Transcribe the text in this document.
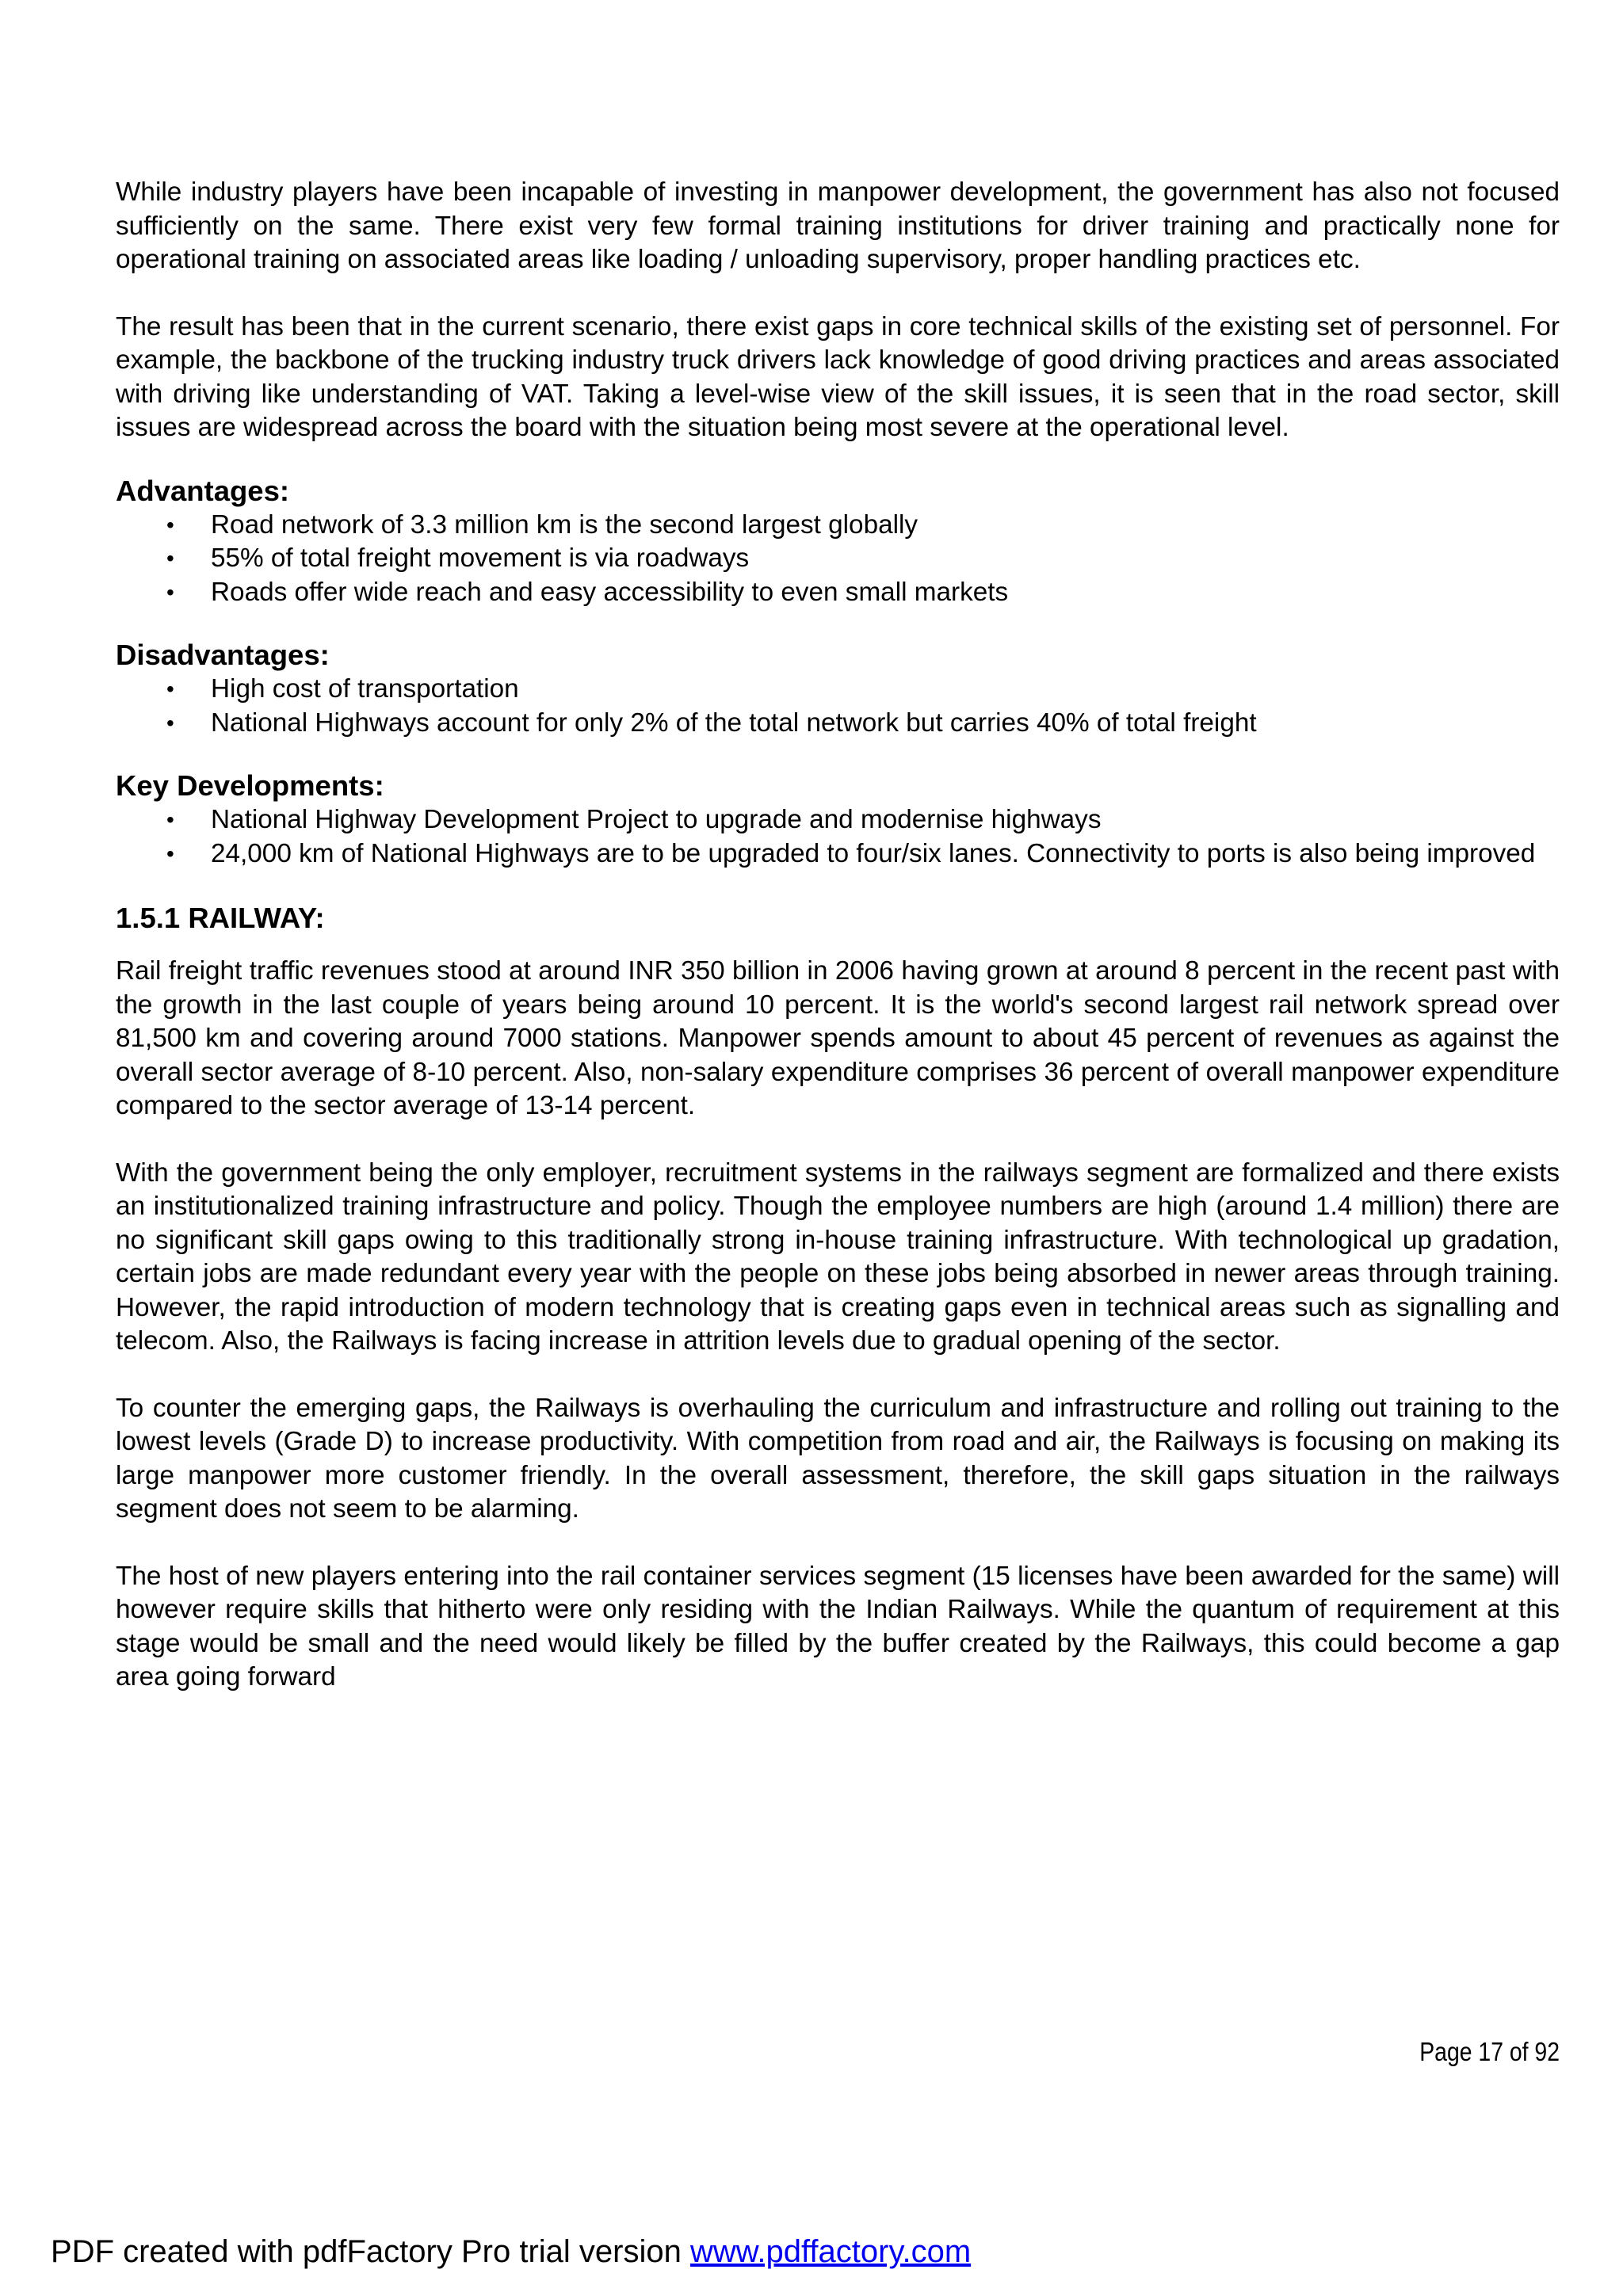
While industry players have been incapable of investing in manpower development, the government has also not focused sufficiently on the same. There exist very few formal training institutions for driver training and practically none for operational training on associated areas like loading / unloading supervisory, proper handling practices etc.

The result has been that in the current scenario, there exist gaps in core technical skills of the existing set of personnel. For example, the backbone of the trucking industry truck drivers lack knowledge of good driving practices and areas associated with driving like understanding of VAT. Taking a level-wise view of the skill issues, it is seen that in the road sector, skill issues are widespread across the board with the situation being most severe at the operational level.

Advantages:
• Road network of 3.3 million km is the second largest globally
• 55% of total freight movement is via roadways
• Roads offer wide reach and easy accessibility to even small markets
Disadvantages:
• High cost of transportation
• National Highways account for only 2% of the total network but carries 40% of total freight
Key Developments:
• National Highway Development Project to upgrade and modernise highways
• 24,000 km of National Highways are to be upgraded to four/six lanes. Connectivity to ports is also being improved
1.5.1 RAILWAY:

Rail freight traffic revenues stood at around INR 350 billion in 2006 having grown at around 8 percent in the recent past with the growth in the last couple of years being around 10 percent. It is the world's second largest rail network spread over 81,500 km and covering around 7000 stations. Manpower spends amount to about 45 percent of revenues as against the overall sector average of 8-10 percent. Also, non-salary expenditure comprises 36 percent of overall manpower expenditure compared to the sector average of 13-14 percent.

With the government being the only employer, recruitment systems in the railways segment are formalized and there exists an institutionalized training infrastructure and policy. Though the employee numbers are high (around 1.4 million) there are no significant skill gaps owing to this traditionally strong in-house training infrastructure. With technological up gradation, certain jobs are made redundant every year with the people on these jobs being absorbed in newer areas through training. However, the rapid introduction of modern technology that is creating gaps even in technical areas such as signalling and telecom. Also, the Railways is facing increase in attrition levels due to gradual opening of the sector.

To counter the emerging gaps, the Railways is overhauling the curriculum and infrastructure and rolling out training to the lowest levels (Grade D) to increase productivity. With competition from road and air, the Railways is focusing on making its large manpower more customer friendly. In the overall assessment, therefore, the skill gaps situation in the railways segment does not seem to be alarming.

The host of new players entering into the rail container services segment (15 licenses have been awarded for the same) will however require skills that hitherto were only residing with the Indian Railways. While the quantum of requirement at this stage would be small and the need would likely be filled by the buffer created by the Railways, this could become a gap area going forward

Page 17 of 92
PDF created with pdfFactory Pro trial version www.pdffactory.com
